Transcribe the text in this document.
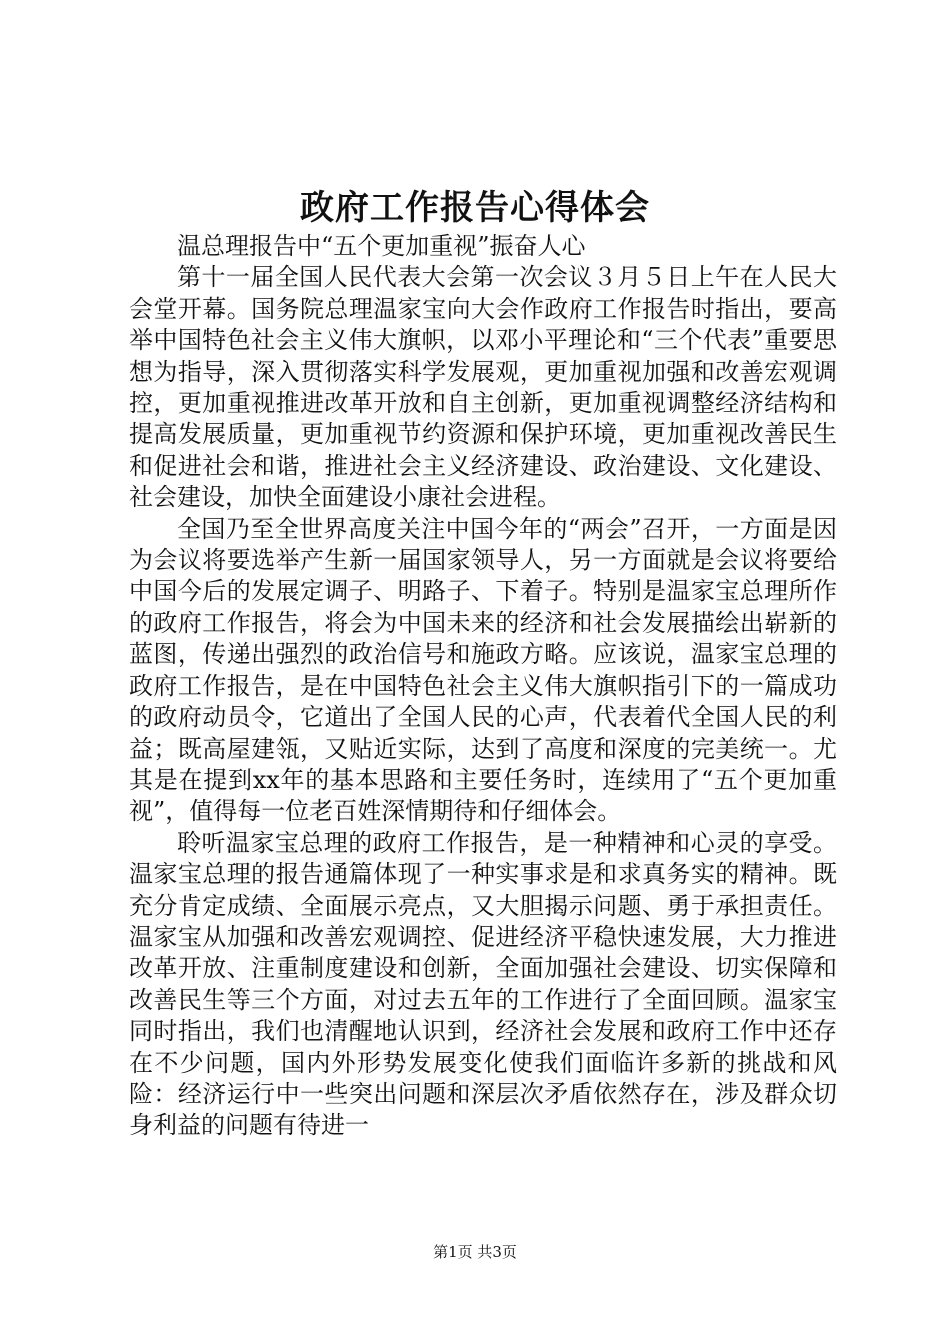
政府工作报告心得体会

温总理报告中“五个更加重视”振奋人心

第十一届全国人民代表大会第一次会议３月５日上午在人民大会堂开幕。国务院总理温家宝向大会作政府工作报告时指出，要高举中国特色社会主义伟大旗帜，以邓小平理论和“三个代表”重要思想为指导，深入贯彻落实科学发展观，更加重视加强和改善宏观调控，更加重视推进改革开放和自主创新，更加重视调整经济结构和提高发展质量，更加重视节约资源和保护环境，更加重视改善民生和促进社会和谐，推进社会主义经济建设、政治建设、文化建设、社会建设，加快全面建设小康社会进程。

全国乃至全世界高度关注中国今年的“两会”召开，一方面是因为会议将要选举产生新一届国家领导人，另一方面就是会议将要给中国今后的发展定调子、明路子、下着子。特别是温家宝总理所作的政府工作报告，将会为中国未来的经济和社会发展描绘出崭新的蓝图，传递出强烈的政治信号和施政方略。应该说，温家宝总理的政府工作报告，是在中国特色社会主义伟大旗帜指引下的一篇成功的政府动员令，它道出了全国人民的心声，代表着代全国人民的利益；既高屋建瓴，又贴近实际，达到了高度和深度的完美统一。尤其是在提到xx年的基本思路和主要任务时，连续用了“五个更加重视”，值得每一位老百姓深情期待和仔细体会。

聆听温家宝总理的政府工作报告，是一种精神和心灵的享受。温家宝总理的报告通篇体现了一种实事求是和求真务实的精神。既充分肯定成绩、全面展示亮点，又大胆揭示问题、勇于承担责任。温家宝从加强和改善宏观调控、促进经济平稳快速发展，大力推进改革开放、注重制度建设和创新，全面加强社会建设、切实保障和改善民生等三个方面，对过去五年的工作进行了全面回顾。温家宝同时指出，我们也清醒地认识到，经济社会发展和政府工作中还存在不少问题，国内外形势发展变化使我们面临许多新的挑战和风险：经济运行中一些突出问题和深层次矛盾依然存在，涉及群众切身利益的问题有待进一

第1页 共3页
